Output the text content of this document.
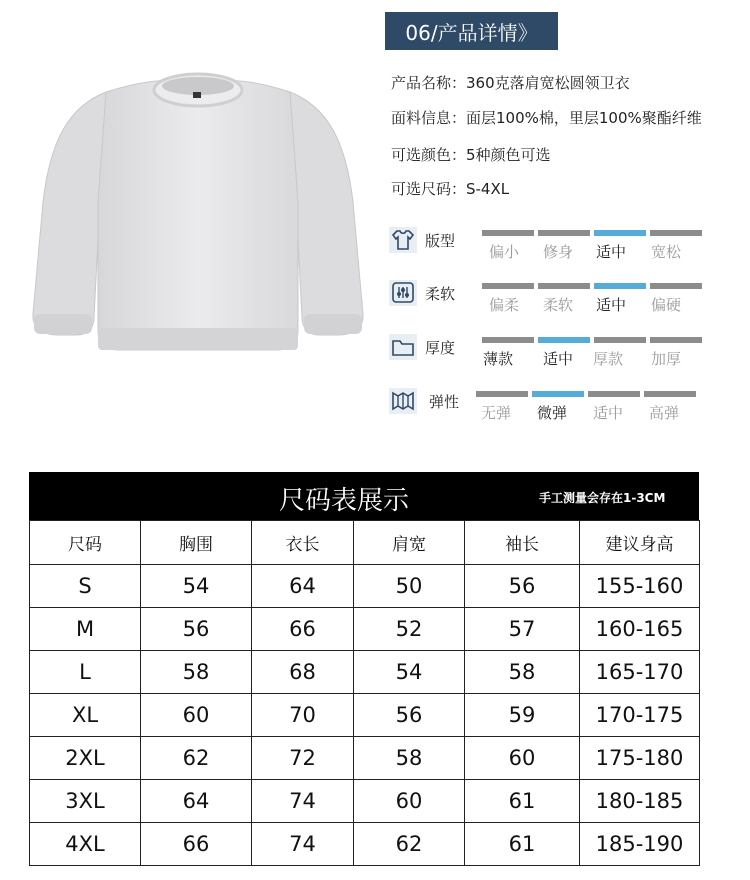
06/产品详情》
产品名称：360克落肩宽松圆领卫衣
面料信息：面层100%棉，里层100%聚酯纤维
可选颜色：5种颜色可选
可选尺码：S-4XL
版型
偏小	修身	适中	宽松
柔软
偏柔	柔软	适中	偏硬
厚度
薄款	适中	厚款	加厚
弹性
无弹	微弹	适中	高弹
尺码表展示	手工测量会存在1-3CM
尺码	胸围	衣长	肩宽	袖长	建议身高
S	54	64	50	56	155-160
M	56	66	52	57	160-165
L	58	68	54	58	165-170
XL	60	70	56	59	170-175
2XL	62	72	58	60	175-180
3XL	64	74	60	61	180-185
4XL	66	74	62	61	185-190
